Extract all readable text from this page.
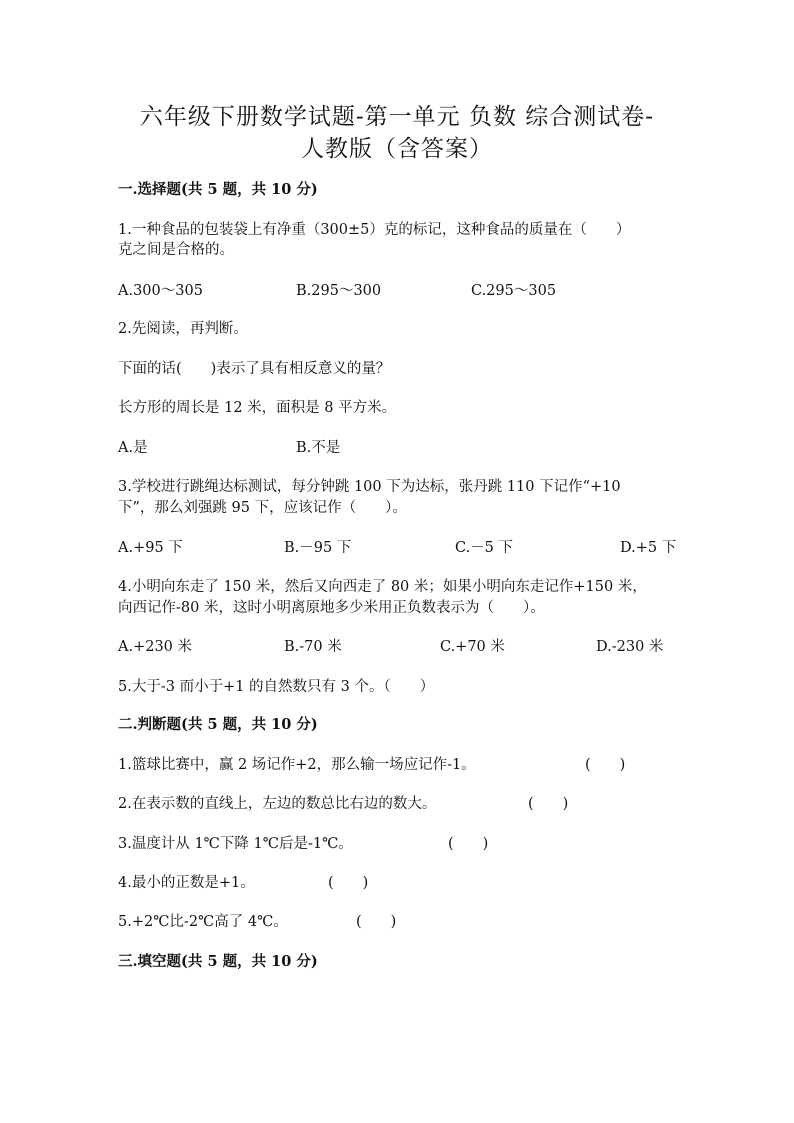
六年级下册数学试题-第一单元 负数 综合测试卷-
人教版（含答案）
一.选择题(共 5 题，共 10 分)
1.一种食品的包装袋上有净重（300±5）克的标记，这种食品的质量在（　　）
克之间是合格的。
A.300～305	B.295～300	C.295～305
2.先阅读，再判断。
下面的话(　　)表示了具有相反意义的量？
长方形的周长是 12 米，面积是 8 平方米。
A.是	B.不是
3.学校进行跳绳达标测试，每分钟跳 100 下为达标，张丹跳 110 下记作“+10
下”，那么刘强跳 95 下，应该记作（　　）。
A.+95 下	B.－95 下	C.－5 下	D.+5 下
4.小明向东走了 150 米，然后又向西走了 80 米；如果小明向东走记作+150 米，
向西记作-80 米，这时小明离原地多少米用正负数表示为（　　）。
A.+230 米	B.-70 米	C.+70 米	D.-230 米
5.大于-3 而小于+1 的自然数只有 3 个。（　　）
二.判断题(共 5 题，共 10 分)
1.篮球比赛中，赢 2 场记作+2，那么输一场应记作-1。	(　　)
2.在表示数的直线上，左边的数总比右边的数大。	(　　)
3.温度计从 1℃下降 1℃后是-1℃。	(　　)
4.最小的正数是+1。	(　　)
5.+2℃比-2℃高了 4℃。	(　　)
三.填空题(共 5 题，共 10 分)
